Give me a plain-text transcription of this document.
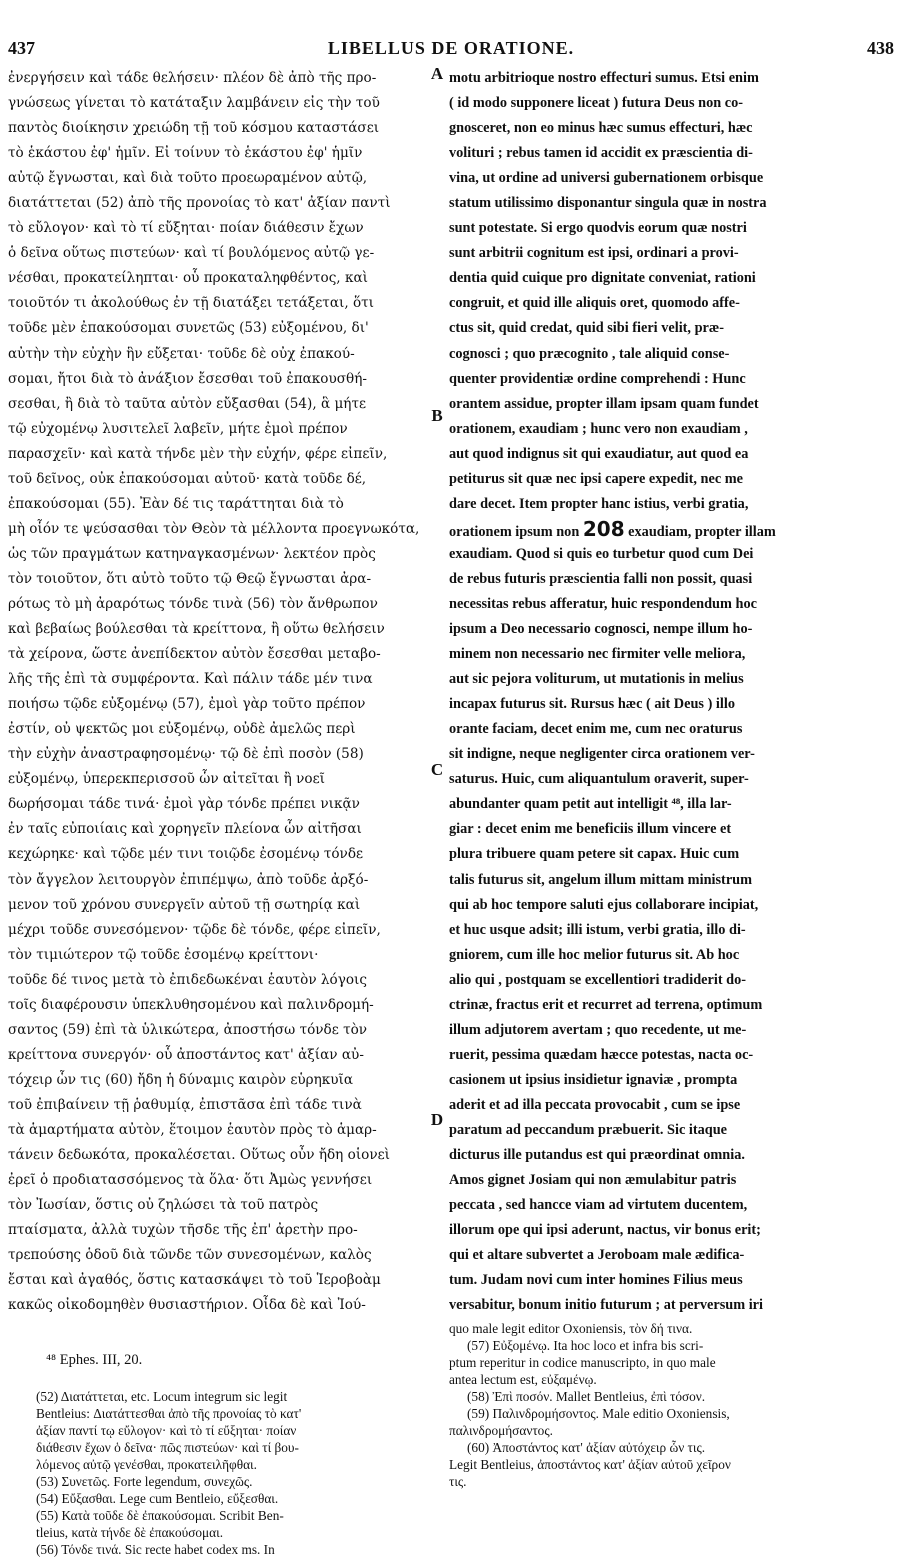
437	LIBELLUS DE ORATIONE.	438
ἐνεργήσειν καὶ τάδε θελήσειν· πλέον δὲ ἀπὸ τῆς προ-
γνώσεως γίνεται τὸ κατάταξιν λαμβάνειν εἰς τὴν τοῦ
παντὸς διοίκησιν χρειώδη τῇ τοῦ κόσμου καταστάσει
τὸ ἑκάστου ἐφ' ἡμῖν. Εἰ τοίνυν τὸ ἑκάστου ἐφ' ἡμῖν
αὐτῷ ἔγνωσται, καὶ διὰ τοῦτο προεωραμένον αὐτῷ,
διατάττεται (52) ἀπὸ τῆς προνοίας τὸ κατ' ἀξίαν παντὶ
τὸ εὔλογον· καὶ τὸ τί εὔξηται· ποίαν διάθεσιν ἔχων
ὁ δεῖνα οὕτως πιστεύων· καὶ τί βουλόμενος αὐτῷ γε-
νέσθαι, προκατείληπται· οὗ προκαταληφθέντος, καὶ
τοιοῦτόν τι ἀκολούθως ἐν τῇ διατάξει τετάξεται, ὅτι
τοῦδε μὲν ἐπακούσομαι συνετῶς (53) εὐξομένου, δι'
αὐτὴν τὴν εὐχὴν ἣν εὔξεται· τοῦδε δὲ οὐχ ἐπακού-
σομαι, ἤτοι διὰ τὸ ἀνάξιον ἔσεσθαι τοῦ ἐπακουσθή-
σεσθαι, ἢ διὰ τὸ ταῦτα αὐτὸν εὔξασθαι (54), ἃ μήτε
τῷ εὐχομένῳ λυσιτελεῖ λαβεῖν, μήτε ἐμοὶ πρέπον
παρασχεῖν· καὶ κατὰ τήνδε μὲν τὴν εὐχήν, φέρε εἰπεῖν,
τοῦ δεῖνος, οὐκ ἐπακούσομαι αὐτοῦ· κατὰ τοῦδε δέ,
ἐπακούσομαι (55). Ἐὰν δέ τις ταράττηται διὰ τὸ
μὴ οἷόν τε ψεύσασθαι τὸν Θεὸν τὰ μέλλοντα προεγνωκότα,
ὡς τῶν πραγμάτων κατηναγκασμένων· λεκτέον πρὸς
τὸν τοιοῦτον, ὅτι αὐτὸ τοῦτο τῷ Θεῷ ἔγνωσται ἀρα-
ρότως τὸ μὴ ἀραρότως τόνδε τινὰ (56) τὸν ἄνθρωπον
καὶ βεβαίως βούλεσθαι τὰ κρείττονα, ἢ οὕτω θελήσειν
τὰ χείρονα, ὥστε ἀνεπίδεκτον αὐτὸν ἔσεσθαι μεταβο-
λῆς τῆς ἐπὶ τὰ συμφέροντα. Καὶ πάλιν τάδε μέν τινα
ποιήσω τῷδε εὐξομένῳ (57), ἐμοὶ γὰρ τοῦτο πρέπον
ἐστίν, οὐ ψεκτῶς μοι εὐξομένῳ, οὐδὲ ἀμελῶς περὶ
τὴν εὐχὴν ἀναστραφησομένῳ· τῷ δὲ ἐπὶ ποσὸν (58)
εὐξομένῳ, ὑπερεκπερισσοῦ ὧν αἰτεῖται ἢ νοεῖ
δωρήσομαι τάδε τινά· ἐμοὶ γὰρ τόνδε πρέπει νικᾷν
ἐν ταῖς εὐποιίαις καὶ χορηγεῖν πλείονα ὧν αἰτῆσαι
κεχώρηκε· καὶ τῷδε μέν τινι τοιῷδε ἐσομένῳ τόνδε
τὸν ἄγγελον λειτουργὸν ἐπιπέμψω, ἀπὸ τοῦδε ἀρξό-
μενον τοῦ χρόνου συνεργεῖν αὐτοῦ τῇ σωτηρίᾳ καὶ
μέχρι τοῦδε συνεσόμενον· τῷδε δὲ τόνδε, φέρε εἰπεῖν,
τὸν τιμιώτερον τῷ τοῦδε ἐσομένῳ κρείττονι·
τοῦδε δέ τινος μετὰ τὸ ἐπιδεδωκέναι ἑαυτὸν λόγοις
τοῖς διαφέρουσιν ὑπεκλυθησομένου καὶ παλινδρομή-
σαντος (59) ἐπὶ τὰ ὑλικώτερα, ἀποστήσω τόνδε τὸν
κρείττονα συνεργόν· οὗ ἀποστάντος κατ' ἀξίαν αὐ-
τόχειρ ὧν τις (60) ἤδη ἡ δύναμις καιρὸν εὑρηκυῖα
τοῦ ἐπιβαίνειν τῇ ῥαθυμίᾳ, ἐπιστᾶσα ἐπὶ τάδε τινὰ
τὰ ἁμαρτήματα αὐτὸν, ἕτοιμον ἑαυτὸν πρὸς τὸ ἁμαρ-
τάνειν δεδωκότα, προκαλέσεται. Οὕτως οὖν ἤδη οἱονεὶ
ἐρεῖ ὁ προδιατασσόμενος τὰ ὅλα· ὅτι Ἀμὼς γεννήσει
τὸν Ἰωσίαν, ὅστις οὐ ζηλώσει τὰ τοῦ πατρὸς
πταίσματα, ἀλλὰ τυχὼν τῆσδε τῆς ἐπ' ἀρετὴν προ-
τρεπούσης ὁδοῦ διὰ τῶνδε τῶν συνεσομένων, καλὸς
ἔσται καὶ ἀγαθός, ὅστις κατασκάψει τὸ τοῦ Ἱεροβοὰμ
κακῶς οἰκοδομηθὲν θυσιαστήριον. Οἶδα δὲ καὶ Ἰού-
motu arbitrioque nostro effecturi sumus. Etsi enim
( id modo supponere liceat ) futura Deus non co-
gnosceret, non eo minus hæc sumus effecturi, hæc
volituri ; rebus tamen id accidit ex præscientia di-
vina, ut ordine ad universi gubernationem orbisque
statum utilissimo disponantur singula quæ in nostra
sunt potestate. Si ergo quodvis eorum quæ nostri
sunt arbitrii cognitum est ipsi, ordinari a provi-
dentia quid cuique pro dignitate conveniat, rationi
congruit, et quid ille aliquis oret, quomodo affe-
ctus sit, quid credat, quid sibi fieri velit, præ-
cognosci ; quo præcognito , tale aliquid conse-
quenter providentiæ ordine comprehendi : Hunc
orantem assidue, propter illam ipsam quam fundet
orationem, exaudiam ; hunc vero non exaudiam ,
aut quod indignus sit qui exaudiatur, aut quod ea
petiturus sit quæ nec ipsi capere expedit, nec me
dare decet. Item propter hanc istius, verbi gratia,
orationem ipsum non 208 exaudiam, propter illam
exaudiam. Quod si quis eo turbetur quod cum Dei
de rebus futuris præscientia falli non possit, quasi
necessitas rebus afferatur, huic respondendum hoc
ipsum a Deo necessario cognosci, nempe illum ho-
minem non necessario nec firmiter velle meliora,
aut sic pejora voliturum, ut mutationis in melius
incapax futurus sit. Rursus hæc ( ait Deus ) illo
orante faciam, decet enim me, cum nec oraturus
sit indigne, neque negligenter circa orationem ver-
saturus. Huic, cum aliquantulum oraverit, super-
abundanter quam petit aut intelligit ⁴⁸, illa lar-
giar : decet enim me beneficiis illum vincere et
plura tribuere quam petere sit capax. Huic cum
talis futurus sit, angelum illum mittam ministrum
qui ab hoc tempore saluti ejus collaborare incipiat,
et huc usque adsit; illi istum, verbi gratia, illo di-
gniorem, cum ille hoc melior futurus sit. Ab hoc
alio qui , postquam se excellentiori tradiderit do-
ctrinæ, fractus erit et recurret ad terrena, optimum
illum adjutorem avertam ; quo recedente, ut me-
ruerit, pessima quædam hæcce potestas, nacta oc-
casionem ut ipsius insidietur ignaviæ , prompta
aderit et ad illa peccata provocabit , cum se ipse
paratum ad peccandum præbuerit. Sic itaque
dicturus ille putandus est qui præordinat omnia.
Amos gignet Josiam qui non æmulabitur patris
peccata , sed hancce viam ad virtutem ducentem,
illorum ope qui ipsi aderunt, nactus, vir bonus erit;
qui et altare subvertet a Jeroboam male ædifica-
tum. Judam novi cum inter homines Filius meus
versabitur, bonum initio futurum ; at perversum iri
A
B
C
D
⁴⁸ Ephes. III, 20.
(52) Διατάττεται, etc. Locum integrum sic legit
Bentleius: Διατάττεσθαι ἀπὸ τῆς προνοίας τὸ κατ'
ἀξίαν παντί τῳ εὔλογον· καὶ τὸ τί εὔξηται· ποίαν
διάθεσιν ἔχων ὁ δεῖνα· πῶς πιστεύων· καὶ τί βου-
λόμενος αὐτῷ γενέσθαι, προκατειλῆφθαι.
(53) Συνετῶς. Forte legendum, συνεχῶς.
(54) Εὔξασθαι. Lege cum Bentleio, εὔξεσθαι.
(55) Κατὰ τοῦδε δὲ ἐπακούσομαι. Scribit Ben-
tleius, κατὰ τήνδε δὲ ἐπακούσομαι.
(56) Τόνδε τινά. Sic recte habet codex ms. In
quo male legit editor Oxoniensis, τὸν δή τινα.
(57) Εὐξομένῳ. Ita hoc loco et infra bis scri-
ptum reperitur in codice manuscripto, in quo male
antea lectum est, εὐξαμένῳ.
(58) Ἐπὶ ποσόν. Mallet Bentleius, ἐπὶ τόσον.
(59) Παλινδρομήσοντος. Male editio Oxoniensis,
παλινδρομήσαντος.
(60) Ἀποστάντος κατ' ἀξίαν αὐτόχειρ ὧν τις.
Legit Bentleius, ἀποστάντος κατ' ἀξίαν αὐτοῦ χεῖρον
τις.
